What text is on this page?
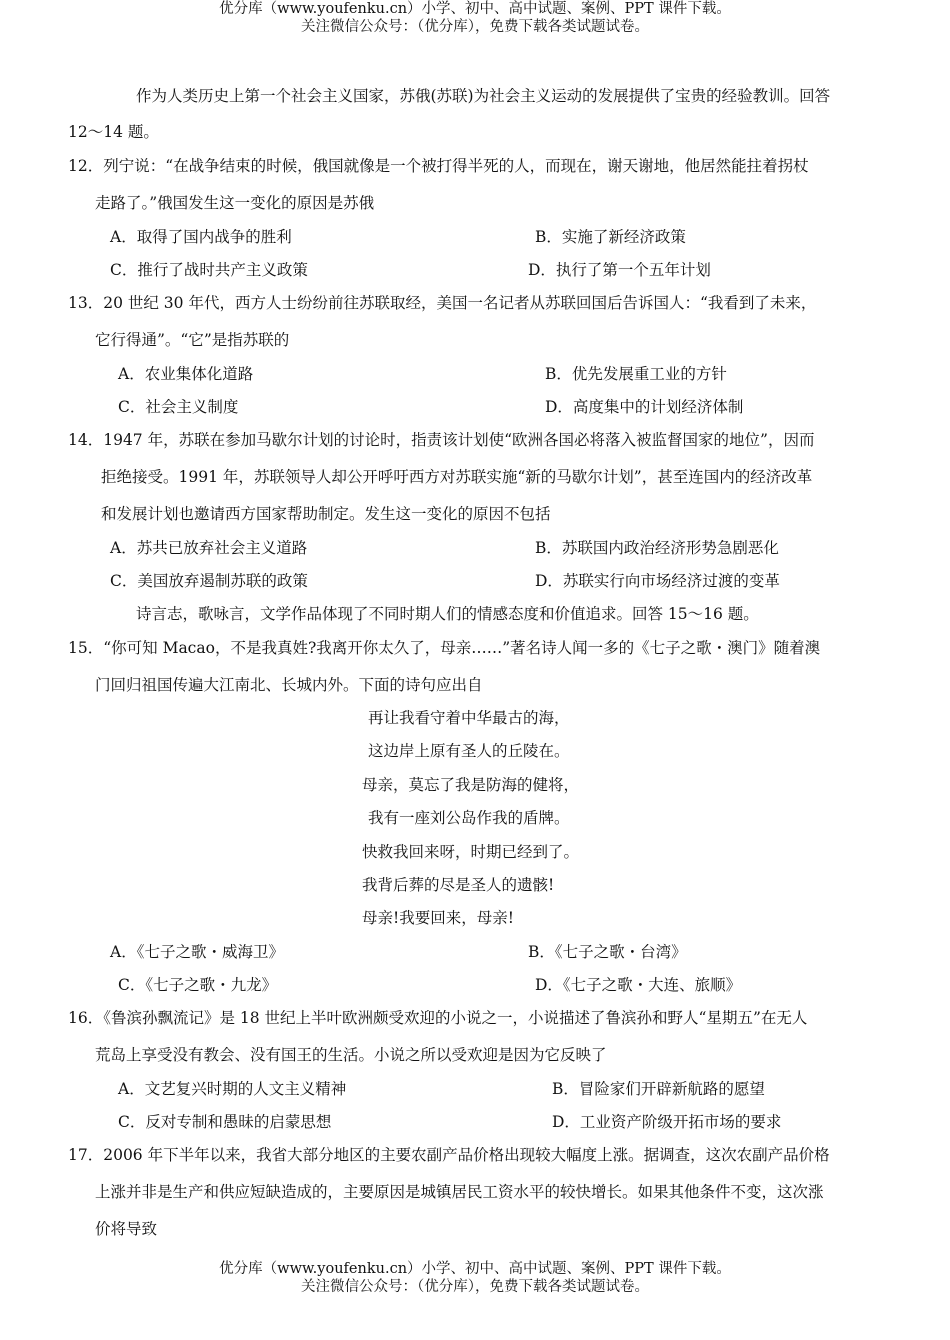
优分库（www.youfenku.cn）小学、初中、高中试题、案例、PPT 课件下载。
关注微信公众号：（优分库），免费下载各类试题试卷。
作为人类历史上第一个社会主义国家，苏俄(苏联)为社会主义运动的发展提供了宝贵的经验教训。回答
12～14 题。
12．列宁说：“在战争结束的时候，俄国就像是一个被打得半死的人，而现在，谢天谢地，他居然能拄着拐杖
走路了。”俄国发生这一变化的原因是苏俄
A．取得了国内战争的胜利	B．实施了新经济政策
C．推行了战时共产主义政策	D．执行了第一个五年计划
13．20 世纪 30 年代，西方人士纷纷前往苏联取经，美国一名记者从苏联回国后告诉国人：“我看到了未来，
它行得通”。“它”是指苏联的
A．农业集体化道路	B．优先发展重工业的方针
C．社会主义制度	D．高度集中的计划经济体制
14．1947 年，苏联在参加马歇尔计划的讨论时，指责该计划使“欧洲各国必将落入被监督国家的地位”，因而
拒绝接受。1991 年，苏联领导人却公开呼吁西方对苏联实施“新的马歇尔计划”，甚至连国内的经济改革
和发展计划也邀请西方国家帮助制定。发生这一变化的原因不包括
A．苏共已放弃社会主义道路	B．苏联国内政治经济形势急剧恶化
C．美国放弃遏制苏联的政策	D．苏联实行向市场经济过渡的变革
诗言志，歌咏言，文学作品体现了不同时期人们的情感态度和价值追求。回答 15～16 题。
15．“你可知 Macao，不是我真姓?我离开你太久了，母亲……”著名诗人闻一多的《七子之歌・澳门》随着澳
门回归祖国传遍大江南北、长城内外。下面的诗句应出自
再让我看守着中华最古的海，
这边岸上原有圣人的丘陵在。
母亲，莫忘了我是防海的健将，
我有一座刘公岛作我的盾牌。
快救我回来呀，时期已经到了。
我背后葬的尽是圣人的遗骸!
母亲!我要回来，母亲!
A．《七子之歌・威海卫》	B．《七子之歌・台湾》
C．《七子之歌・九龙》	D．《七子之歌・大连、旅顺》
16．《鲁滨孙飘流记》是 18 世纪上半叶欧洲颇受欢迎的小说之一，小说描述了鲁滨孙和野人“星期五”在无人
荒岛上享受没有教会、没有国王的生活。小说之所以受欢迎是因为它反映了
A．文艺复兴时期的人文主义精神	B．冒险家们开辟新航路的愿望
C．反对专制和愚昧的启蒙思想	D．工业资产阶级开拓市场的要求
17．2006 年下半年以来，我省大部分地区的主要农副产品价格出现较大幅度上涨。据调查，这次农副产品价格
上涨并非是生产和供应短缺造成的，主要原因是城镇居民工资水平的较快增长。如果其他条件不变，这次涨
价将导致
优分库（www.youfenku.cn）小学、初中、高中试题、案例、PPT 课件下载。
关注微信公众号：（优分库），免费下载各类试题试卷。
